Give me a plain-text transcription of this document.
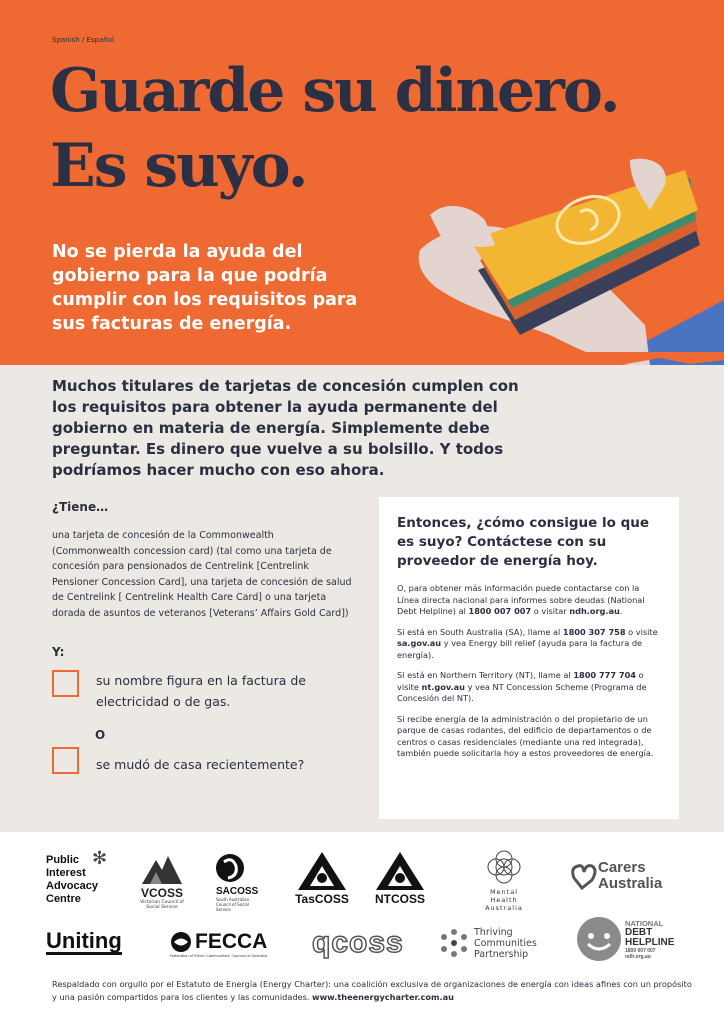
Spanish / Español
Guarde su dinero.
Es suyo.
No se pierda la ayuda del gobierno para la que podría cumplir con los requisitos para sus facturas de energía.
Muchos titulares de tarjetas de concesión cumplen con los requisitos para obtener la ayuda permanente del gobierno en materia de energía. Simplemente debe preguntar. Es dinero que vuelve a su bolsillo. Y todos podríamos hacer mucho con eso ahora.
¿Tiene…
una tarjeta de concesión de la Commonwealth (Commonwealth concession card) (tal como una tarjeta de concesión para pensionados de Centrelink [Centrelink Pensioner Concession Card], una tarjeta de concesión de salud de Centrelink [ Centrelink Health Care Card] o una tarjeta dorada de asuntos de veteranos [Veterans’ Affairs Gold Card])
Y:
su nombre figura en la factura de electricidad o de gas.
O
se mudó de casa recientemente?
Entonces, ¿cómo consigue lo que es suyo? Contáctese con su proveedor de energía hoy.

O, para obtener más información puede contactarse con la Línea directa nacional para informes sobre deudas (National Debt Helpline) al 1800 007 007 o visitar ndh.org.au.

Si está en South Australia (SA), llame al 1800 307 758 o visite sa.gov.au y vea Energy bill relief (ayuda para la factura de energía).

Si está en Northern Territory (NT), llame al 1800 777 704 o visite nt.gov.au y vea NT Concession Scheme (Programa de Concesión del NT).

Si recibe energía de la administración o del propietario de un parque de casas rodantes, del edificio de departamentos o de centros o casas residenciales (mediante una red integrada), también puede solicitarla hoy a estos proveedores de energía.

Public Interest Advocacy Centre
✻
VCOSS
Victorian Council of Social Service
SACOSS
South Australian Council of Social Service
TasCOSS NTCOSS	Mental Health Australia
Carers Australia
Uniting	FECCA
Federation of Ethnic Communities' Councils of Australia	qcoss	Thriving Communities Partnership
NATIONAL
DEBT
HELPLINE
1800 007 007
ndh.org.au
Respaldado con orgullo por el Estatuto de Energía (Energy Charter): una coalición exclusiva de organizaciones de energía con ideas afines con un propósito y una pasión compartidos para los clientes y las comunidades. www.theenergycharter.com.au
